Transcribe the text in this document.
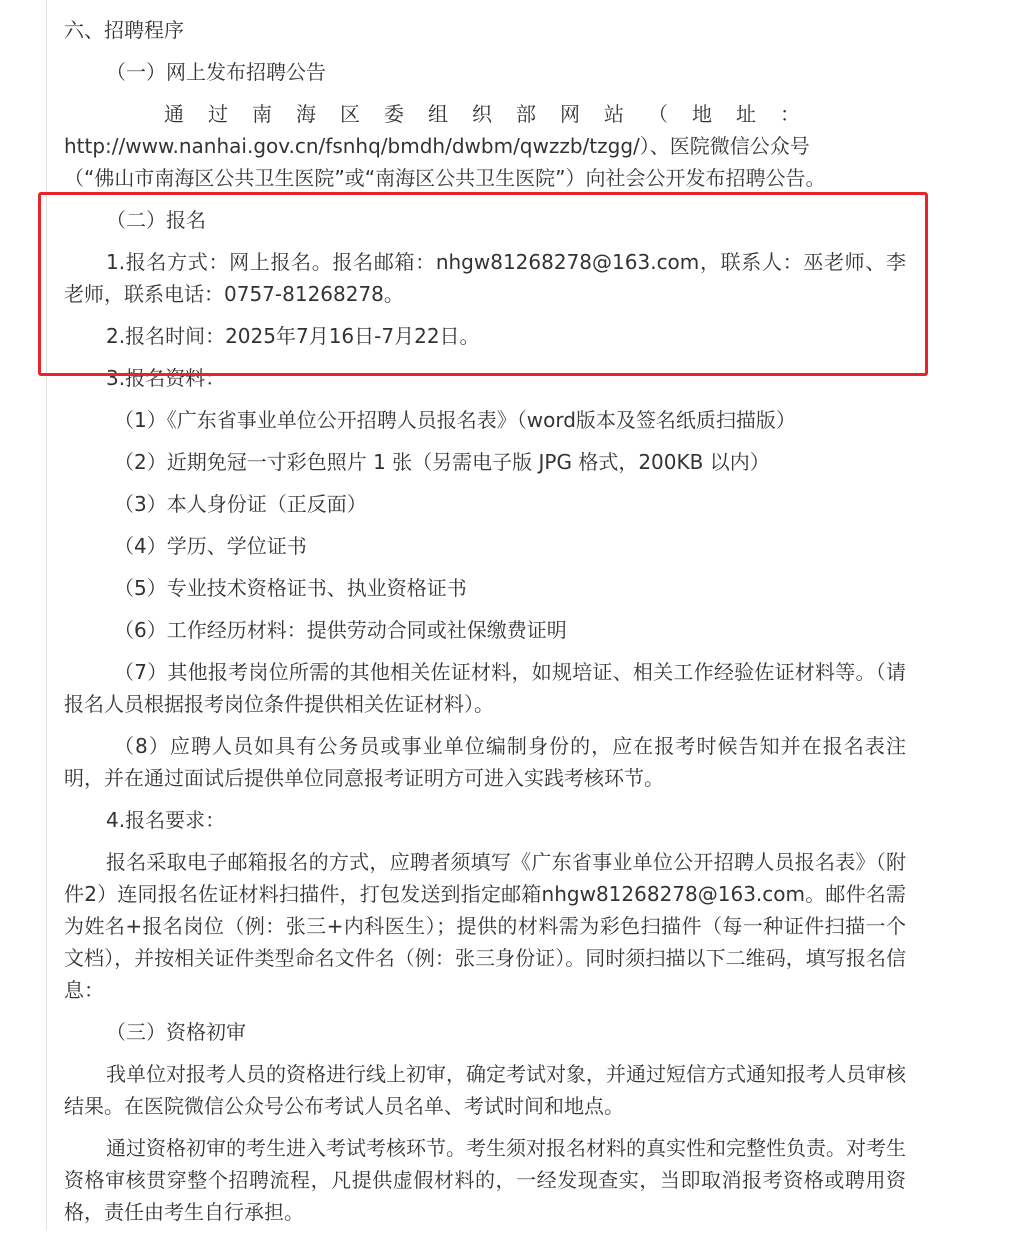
六、招聘程序

（一）网上发布招聘公告

通过南海区委组织部网站（地址：

http://www.nanhai.gov.cn/fsnhq/bmdh/dwbm/qwzzb/tzgg/）、医院微信公众号

（“佛山市南海区公共卫生医院”或“南海区公共卫生医院”）向社会公开发布招聘公告。

（二）报名

1.报名方式：网上报名。报名邮箱：nhgw81268278@163.com，联系人：巫老师、李老师，联系电话：0757-81268278。

2.报名时间：2025年7月16日-7月22日。

3.报名资料：

（1）《广东省事业单位公开招聘人员报名表》（word版本及签名纸质扫描版）

（2）近期免冠一寸彩色照片 1 张（另需电子版 JPG 格式，200KB 以内）

（3）本人身份证（正反面）

（4）学历、学位证书

（5）专业技术资格证书、执业资格证书

（6）工作经历材料：提供劳动合同或社保缴费证明

（7）其他报考岗位所需的其他相关佐证材料，如规培证、相关工作经验佐证材料等。（请报名人员根据报考岗位条件提供相关佐证材料）。

（8）应聘人员如具有公务员或事业单位编制身份的，应在报考时候告知并在报名表注明，并在通过面试后提供单位同意报考证明方可进入实践考核环节。

4.报名要求：

报名采取电子邮箱报名的方式，应聘者须填写《广东省事业单位公开招聘人员报名表》（附件2）连同报名佐证材料扫描件，打包发送到指定邮箱nhgw81268278@163.com。邮件名需为姓名+报名岗位（例：张三+内科医生）；提供的材料需为彩色扫描件（每一种证件扫描一个文档），并按相关证件类型命名文件名（例：张三身份证）。同时须扫描以下二维码，填写报名信息：

（三）资格初审

我单位对报考人员的资格进行线上初审，确定考试对象，并通过短信方式通知报考人员审核结果。在医院微信公众号公布考试人员名单、考试时间和地点。

通过资格初审的考生进入考试考核环节。考生须对报名材料的真实性和完整性负责。对考生资格审核贯穿整个招聘流程，凡提供虚假材料的，一经发现查实，当即取消报考资格或聘用资格，责任由考生自行承担。
